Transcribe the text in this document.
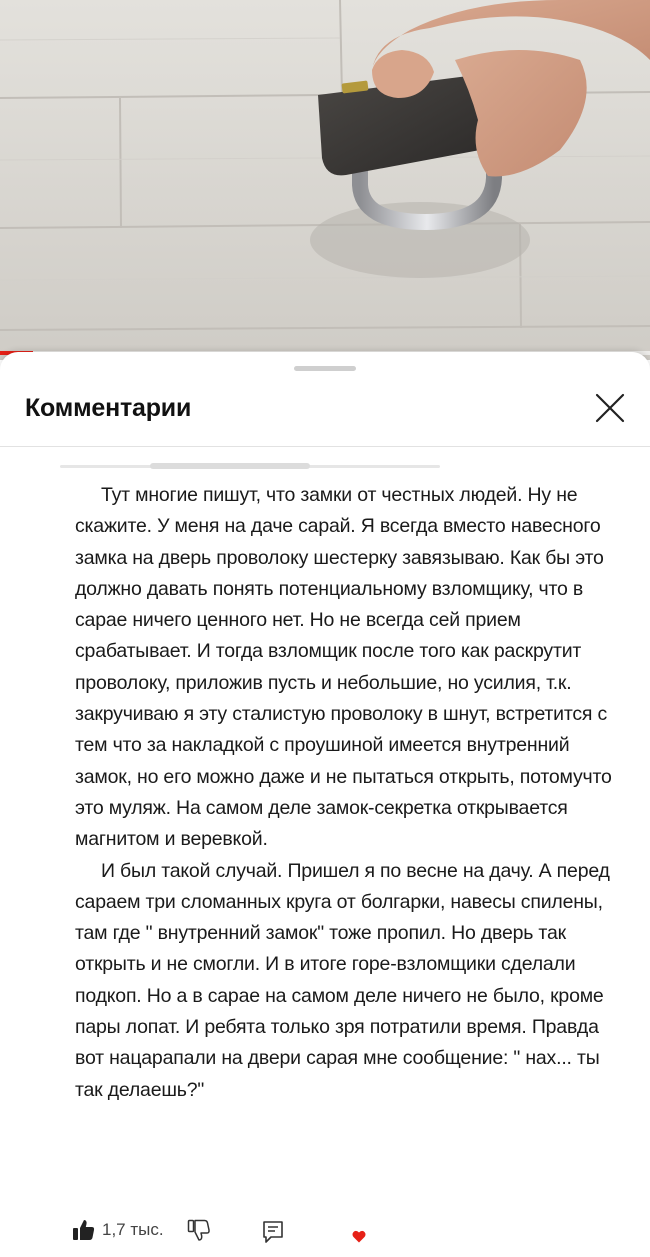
Комментарии

Тут многие пишут, что замки от честных людей. Ну не скажите. У меня на даче сарай. Я всегда вместо навесного замка на дверь проволоку шестерку завязываю. Как бы это должно давать понять потенциальному взломщику, что в сарае ничего ценного нет. Но не всегда сей прием срабатывает. И тогда взломщик после того как раскрутит проволоку, приложив пусть и небольшие, но усилия, т.к. закручиваю я эту сталистую проволоку в шнут, встретится с тем что за накладкой с проушиной имеется внутренний замок, но его можно даже и не пытаться открыть, потомучто это муляж. На самом деле замок-секретка открывается магнитом и веревкой.

И был такой случай. Пришел я по весне на дачу. А перед сараем три сломанных круга от болгарки, навесы спилены, там где " внутренний замок" тоже пропил. Но дверь так открыть и не смогли. И в итоге горе-взломщики сделали подкоп. Но а в сарае на самом деле ничего не было, кроме пары лопат. И ребята только зря потратили время. Правда вот нацарапали на двери сарая мне сообщение: " нах... ты так делаешь?"

1,7 тыс.
